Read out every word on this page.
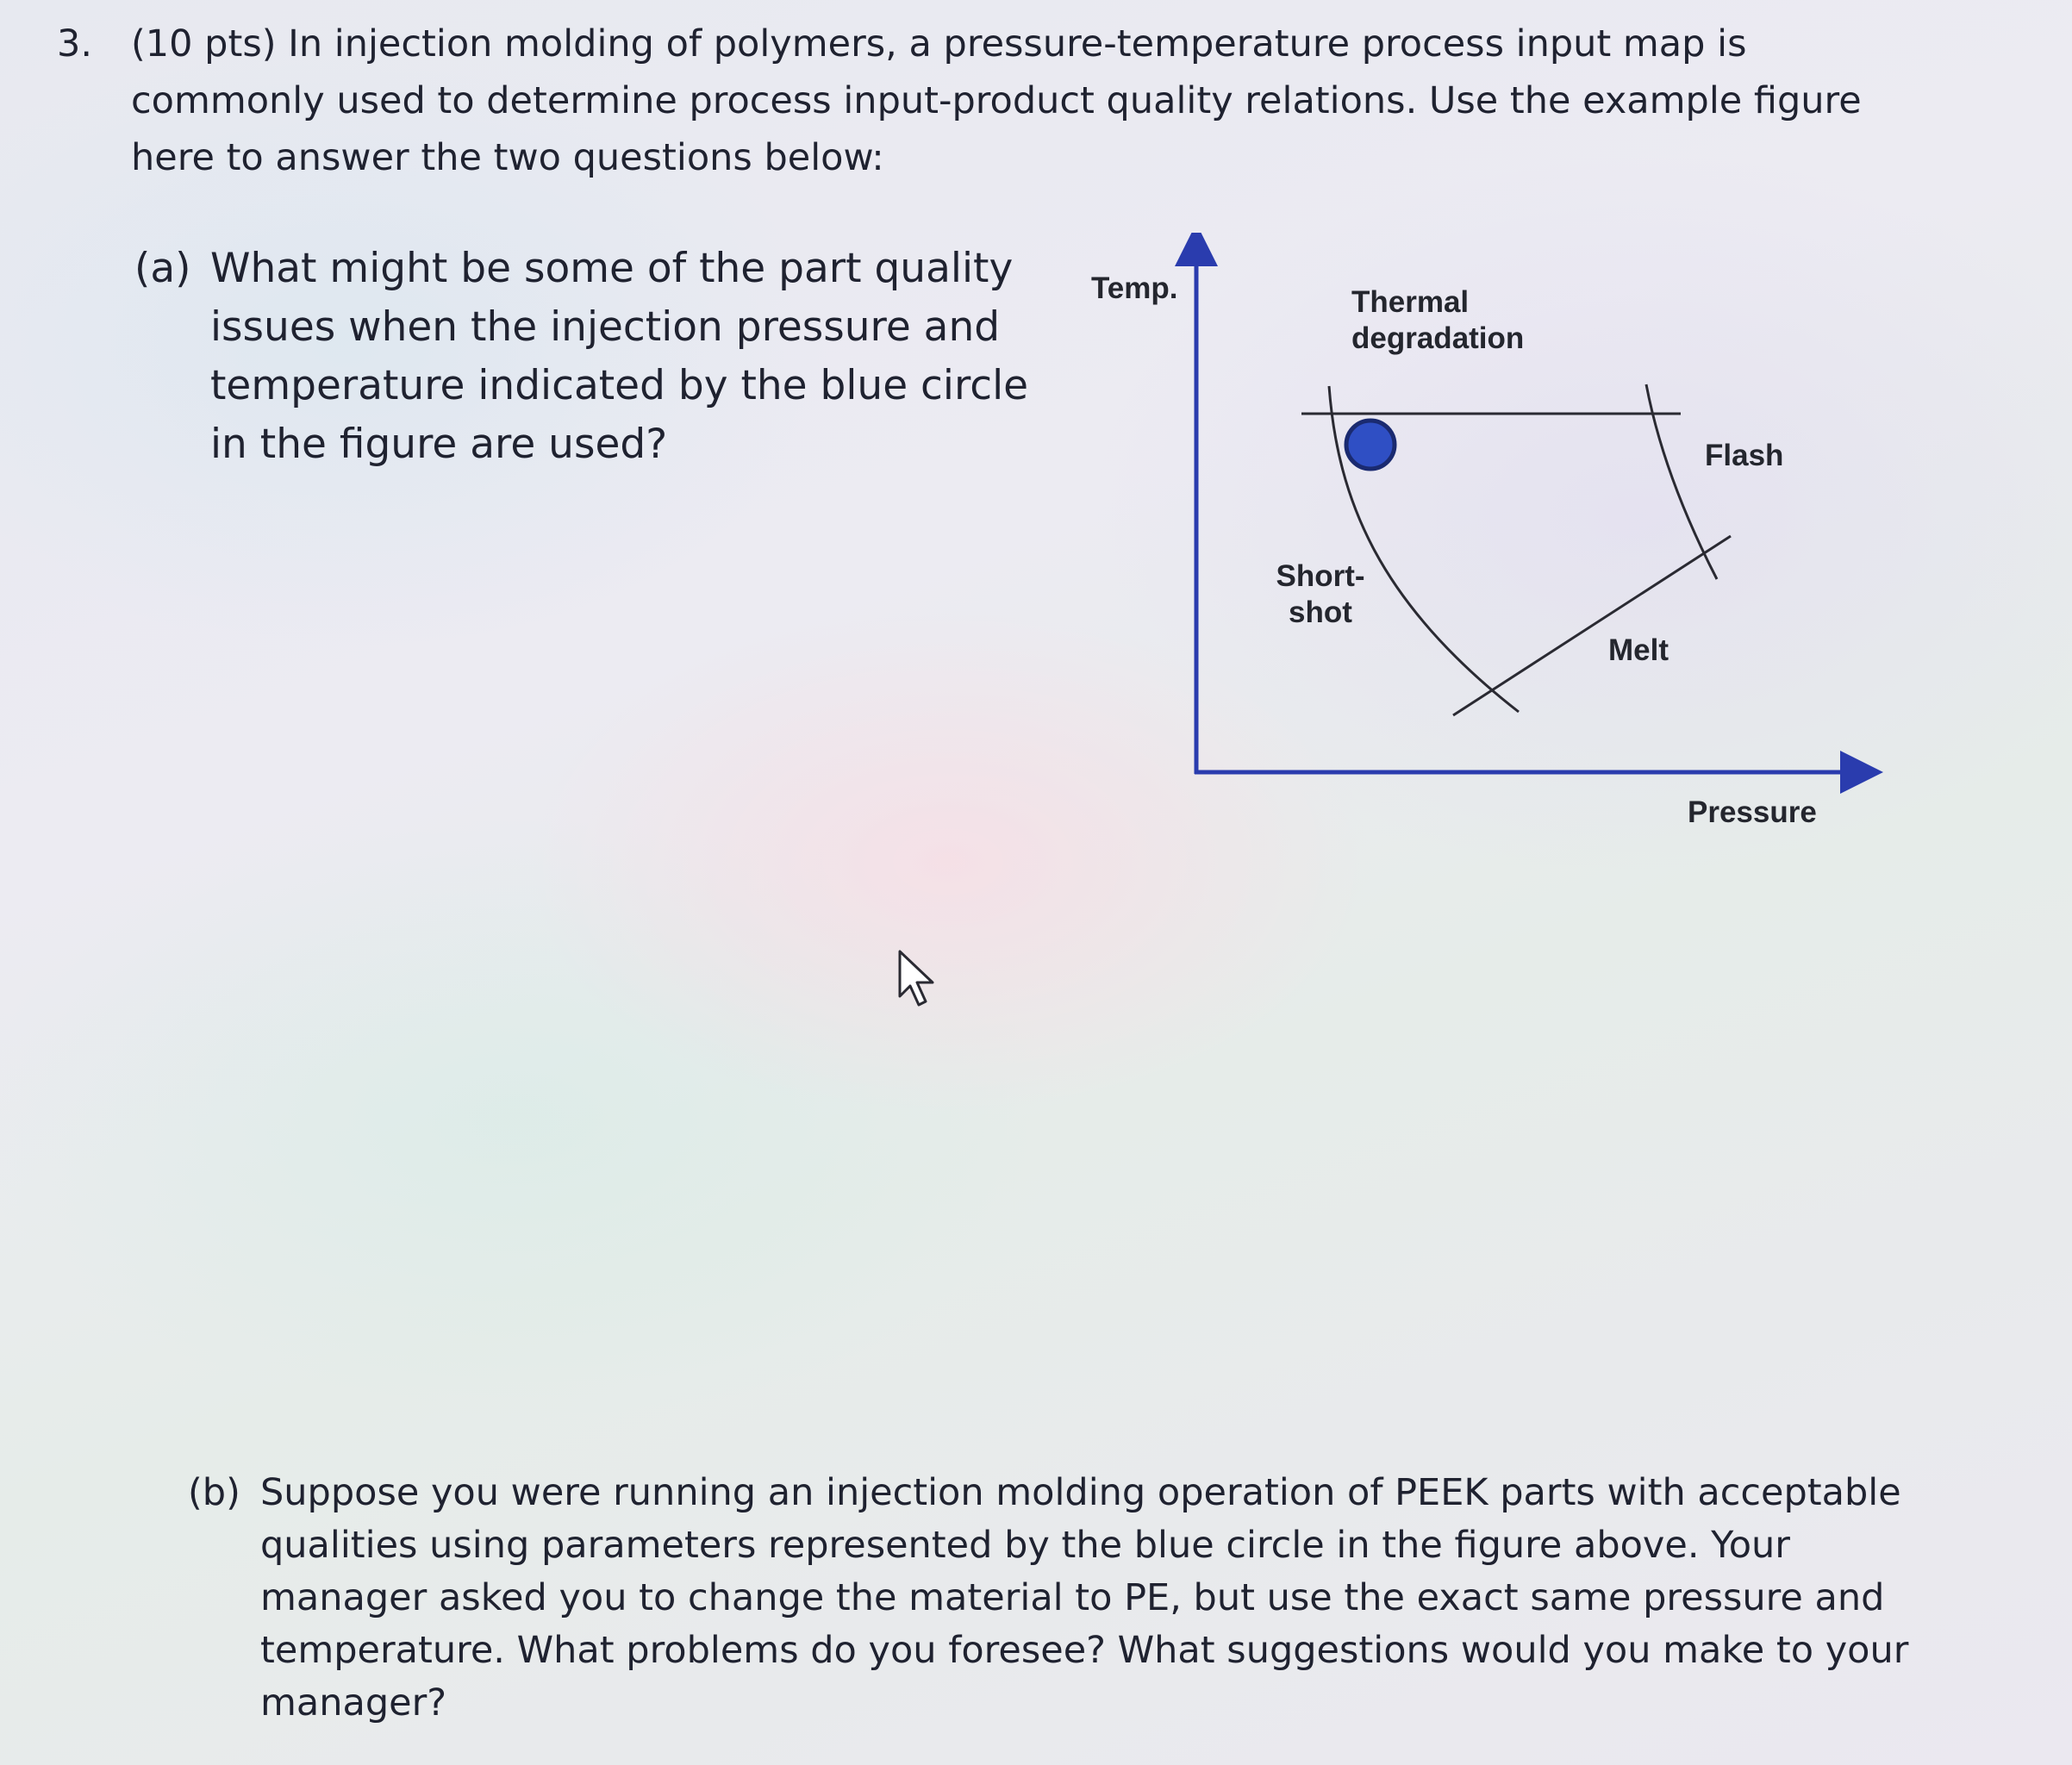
3.	(10 pts) In injection molding of polymers, a pressure-temperature process input map is commonly used to determine process input-product quality relations. Use the example figure here to answer the two questions below:
(a) What might be some of the part quality issues when the injection pressure and temperature indicated by the blue circle in the figure are used?
Temp.	Thermal degradation
Flash
Short-shot
Melt
Pressure
(b) Suppose you were running an injection molding operation of PEEK parts with acceptable qualities using parameters represented by the blue circle in the figure above. Your manager asked you to change the material to PE, but use the exact same pressure and temperature. What problems do you foresee? What suggestions would you make to your manager?
